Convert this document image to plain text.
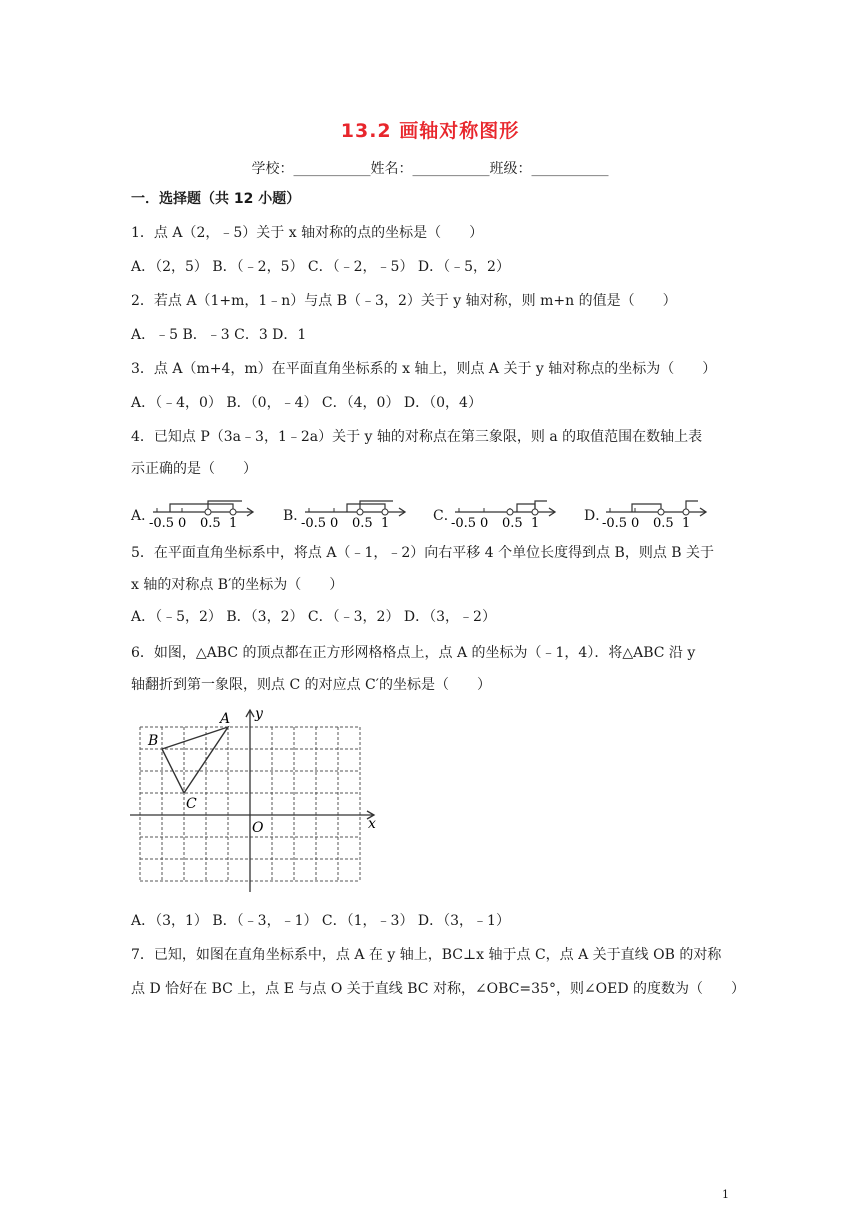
13.2 画轴对称图形
学校：___________姓名：___________班级：___________
一．选择题（共 12 小题）
1．点 A（2，﹣5）关于 x 轴对称的点的坐标是（　　）
A．（2，5） B．（﹣2，5） C．（﹣2，﹣5） D．（﹣5，2）
2．若点 A（1+m，1﹣n）与点 B（﹣3，2）关于 y 轴对称，则 m+n 的值是（　　）
A．﹣5 B．﹣3 C．3 D．1
3．点 A（m+4，m）在平面直角坐标系的 x 轴上，则点 A 关于 y 轴对称点的坐标为（　　）
A．（﹣4，0） B．（0，﹣4） C．（4，0） D．（0，4）
4．已知点 P（3a﹣3，1﹣2a）关于 y 轴的对称点在第三象限，则 a 的取值范围在数轴上表
示正确的是（　　）
A．
-0.5 0 0.5 1	B．
-0.5 0 0.5 1	C．
-0.5 0 0.5 1	D．
-0.5 0 0.5 1
5．在平面直角坐标系中，将点 A（﹣1，﹣2）向右平移 4 个单位长度得到点 B，则点 B 关于
x 轴的对称点 B′的坐标为（　　）
A．（﹣5，2） B．（3，2） C．（﹣3，2） D．（3，﹣2）
6．如图，△ABC 的顶点都在正方形网格格点上，点 A 的坐标为（﹣1，4）．将△ABC 沿 y
轴翻折到第一象限，则点 C 的对应点 C′的坐标是（　　）
A
B
C
O	x
y
A．（3，1） B．（﹣3，﹣1） C．（1，﹣3） D．（3，﹣1）
7．已知，如图在直角坐标系中，点 A 在 y 轴上，BC⊥x 轴于点 C，点 A 关于直线 OB 的对称
点 D 恰好在 BC 上，点 E 与点 O 关于直线 BC 对称，∠OBC=35°，则∠OED 的度数为（　　）
1
